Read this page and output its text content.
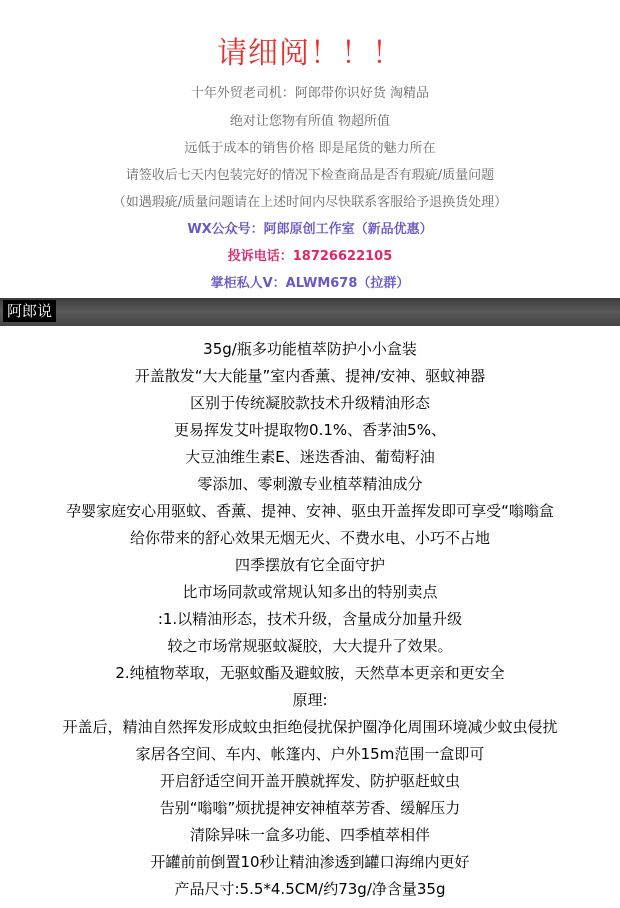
请细阅！！！
十年外贸老司机：阿郎带你识好货 淘精品
绝对让您物有所值 物超所值
远低于成本的销售价格 即是尾货的魅力所在
请签收后七天内包装完好的情况下检查商品是否有瑕疵/质量问题
（如遇瑕疵/质量问题请在上述时间内尽快联系客服给予退换货处理）
WX公众号：阿郎原创工作室（新品优惠）
投诉电话：18726622105
掌柜私人V：ALWM678（拉群）
阿郎说
35g/瓶多功能植萃防护小小盒装
开盖散发“大大能量”室内香薰、提神/安神、驱蚊神器
区别于传统凝胶款技术升级精油形态
更易挥发艾叶提取物0.1%、香茅油5%、
大豆油维生素E、迷迭香油、葡萄籽油
零添加、零刺激专业植萃精油成分
孕婴家庭安心用驱蚊、香薰、提神、安神、驱虫开盖挥发即可享受“嗡嗡盒
给你带来的舒心效果无烟无火、不费水电、小巧不占地
四季摆放有它全面守护
比市场同款或常规认知多出的特别卖点
:1.以精油形态，技术升级，含量成分加量升级
较之市场常规驱蚊凝胶，大大提升了效果。
2.纯植物萃取，无驱蚊酯及避蚊胺，天然草本更亲和更安全
原理:
开盖后，精油自然挥发形成蚊虫拒绝侵扰保护圈净化周围环境减少蚊虫侵扰
家居各空间、车内、帐篷内、户外15m范围一盒即可
开启舒适空间开盖开膜就挥发、防护驱赶蚊虫
告别“嗡嗡”烦扰提神安神植萃芳香、缓解压力
清除异味一盒多功能、四季植萃相伴
开罐前前倒置10秒让精油渗透到罐口海绵内更好
产品尺寸:5.5*4.5CM/约73g/净含量35g
